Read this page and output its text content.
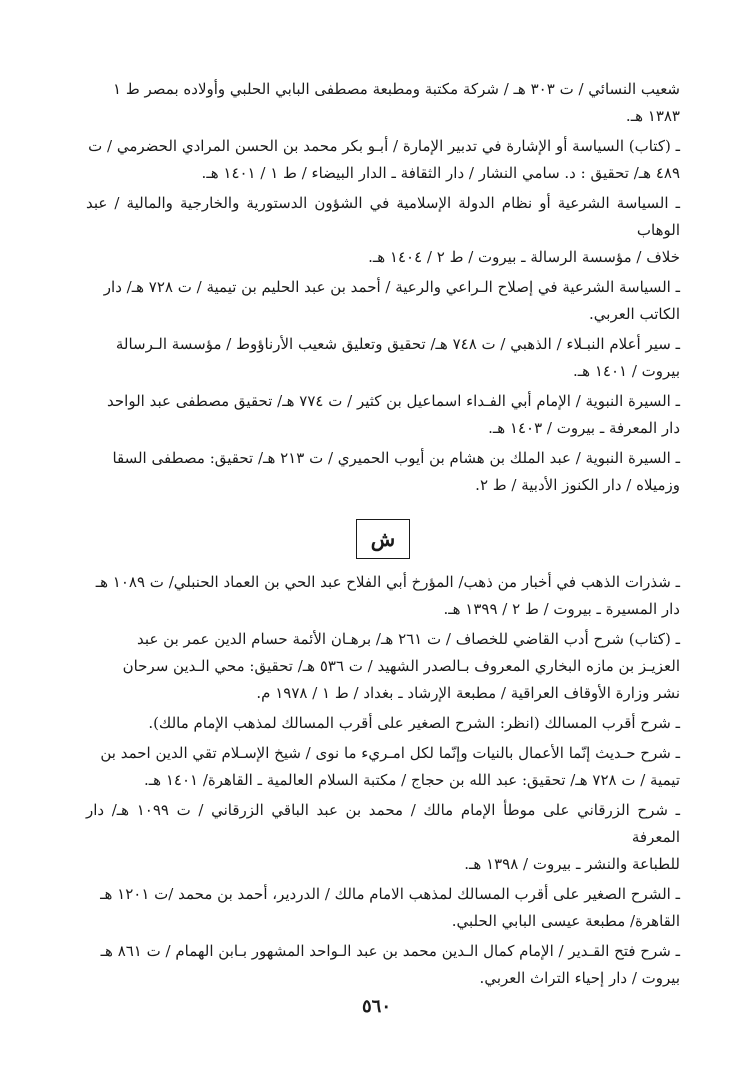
شعيب النسائي / ت ٣٠٣ هـ / شركة مكتبة ومطبعة مصطفى البابي الحلبي وأولاده بمصر ط ١

١٣٨٣ هـ.

ـ (كتاب) السياسة أو الإشارة في تدبير الإمارة / أبـو بكر محمد بن الحسن المرادي الحضرمي / ت

٤٨٩ هـ/ تحقيق : د. سامي النشار / دار الثقافة ـ الدار البيضاء / ط ١ / ١٤٠١ هـ.

ـ السياسة الشرعية أو نظام الدولة الإسلامية في الشؤون الدستورية والخارجية والمالية / عبد الوهاب

خلاف / مؤسسة الرسالة ـ بيروت / ط ٢ / ١٤٠٤ هـ.

ـ السياسة الشرعية في إصلاح الـراعي والرعية / أحمد بن عبد الحليم بن تيمية / ت ٧٢٨ هـ/ دار

الكاتب العربي.

ـ سير أعلام النبـلاء / الذهبي / ت ٧٤٨ هـ/ تحقيق وتعليق شعيب الأرناؤوط / مؤسسة الـرسالة

بيروت / ١٤٠١ هـ.

ـ السيرة النبوية / الإمام أبي الفـداء اسماعيل بن كثير / ت ٧٧٤ هـ/ تحقيق مصطفى عبد الواحد

دار المعرفة ـ بيروت / ١٤٠٣ هـ.

ـ السيرة النبوية / عبد الملك بن هشام بن أيوب الحميري / ت ٢١٣ هـ/ تحقيق: مصطفى السقا

وزميلاه / دار الكنوز الأدبية / ط ٢.

ش

ـ شذرات الذهب في أخبار من ذهب/ المؤرخ أبي الفلاح عبد الحي بن العماد الحنبلي/ ت ١٠٨٩ هـ

دار المسيرة ـ بيروت / ط ٢ / ١٣٩٩ هـ.

ـ (كتاب) شرح أدب القاضي للخصاف / ت ٢٦١ هـ/ برهـان الأئمة حسام الدين عمر بن عبد

العزيـز بن مازه البخاري المعروف بـالصدر الشهيد / ت ٥٣٦ هـ/ تحقيق: محي الـدين سرحان

نشر وزارة الأوقاف العراقية / مطبعة الإرشاد ـ بغداد / ط ١ / ١٩٧٨ م.

ـ شرح أقرب المسالك (انظر: الشرح الصغير على أقرب المسالك لمذهب الإمام مالك).

ـ شرح حـديث إنّما الأعمال بالنيات وإنّما لكل امـريء ما نوى / شيخ الإسـلام تقي الدين احمد بن

تيمية / ت ٧٢٨ هـ/ تحقيق: عبد الله بن حجاج / مكتبة السلام العالمية ـ القاهرة/ ١٤٠١ هـ.

ـ شرح الزرقاني على موطأ الإمام مالك / محمد بن عبد الباقي الزرقاني / ت ١٠٩٩ هـ/ دار المعرفة

للطباعة والنشر ـ بيروت / ١٣٩٨ هـ.

ـ الشرح الصغير على أقرب المسالك لمذهب الامام مالك / الدردير، أحمد بن محمد /ت ١٢٠١ هـ

القاهرة/ مطبعة عيسى البابي الحلبي.

ـ شرح فتح القـدير / الإمام كمال الـدين محمد بن عبد الـواحد المشهور بـابن الهمام / ت ٨٦١ هـ

بيروت / دار إحياء التراث العربي.

٥٦٠
